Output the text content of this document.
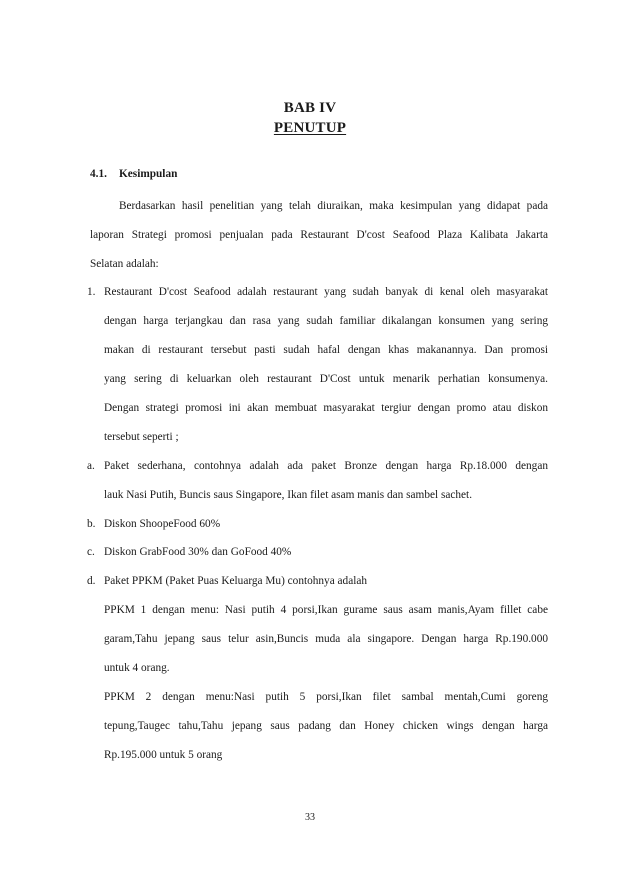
BAB IV
PENUTUP
4.1. Kesimpulan
Berdasarkan hasil penelitian yang telah diuraikan, maka kesimpulan yang didapat pada
laporan Strategi promosi penjualan pada Restaurant D'cost Seafood Plaza Kalibata Jakarta
Selatan adalah:
1. Restaurant D'cost Seafood adalah restaurant yang sudah banyak di kenal oleh masyarakat
dengan harga terjangkau dan rasa yang sudah familiar dikalangan konsumen yang sering
makan di restaurant tersebut pasti sudah hafal dengan khas makanannya. Dan promosi
yang sering di keluarkan oleh restaurant D'Cost untuk menarik perhatian konsumenya.
Dengan strategi promosi ini akan membuat masyarakat tergiur dengan promo atau diskon
tersebut seperti ;
a. Paket sederhana, contohnya adalah ada paket Bronze dengan harga Rp.18.000 dengan
lauk Nasi Putih, Buncis saus Singapore, Ikan filet asam manis dan sambel sachet.
b. Diskon ShoopeFood 60%
c. Diskon GrabFood 30% dan GoFood 40%
d. Paket PPKM (Paket Puas Keluarga Mu) contohnya adalah
PPKM 1 dengan menu: Nasi putih 4 porsi,Ikan gurame saus asam manis,Ayam fillet cabe
garam,Tahu jepang saus telur asin,Buncis muda ala singapore. Dengan harga Rp.190.000
untuk 4 orang.
PPKM 2 dengan menu:Nasi putih 5 porsi,Ikan filet sambal mentah,Cumi goreng
tepung,Taugec tahu,Tahu jepang saus padang dan Honey chicken wings dengan harga
Rp.195.000 untuk 5 orang
33
